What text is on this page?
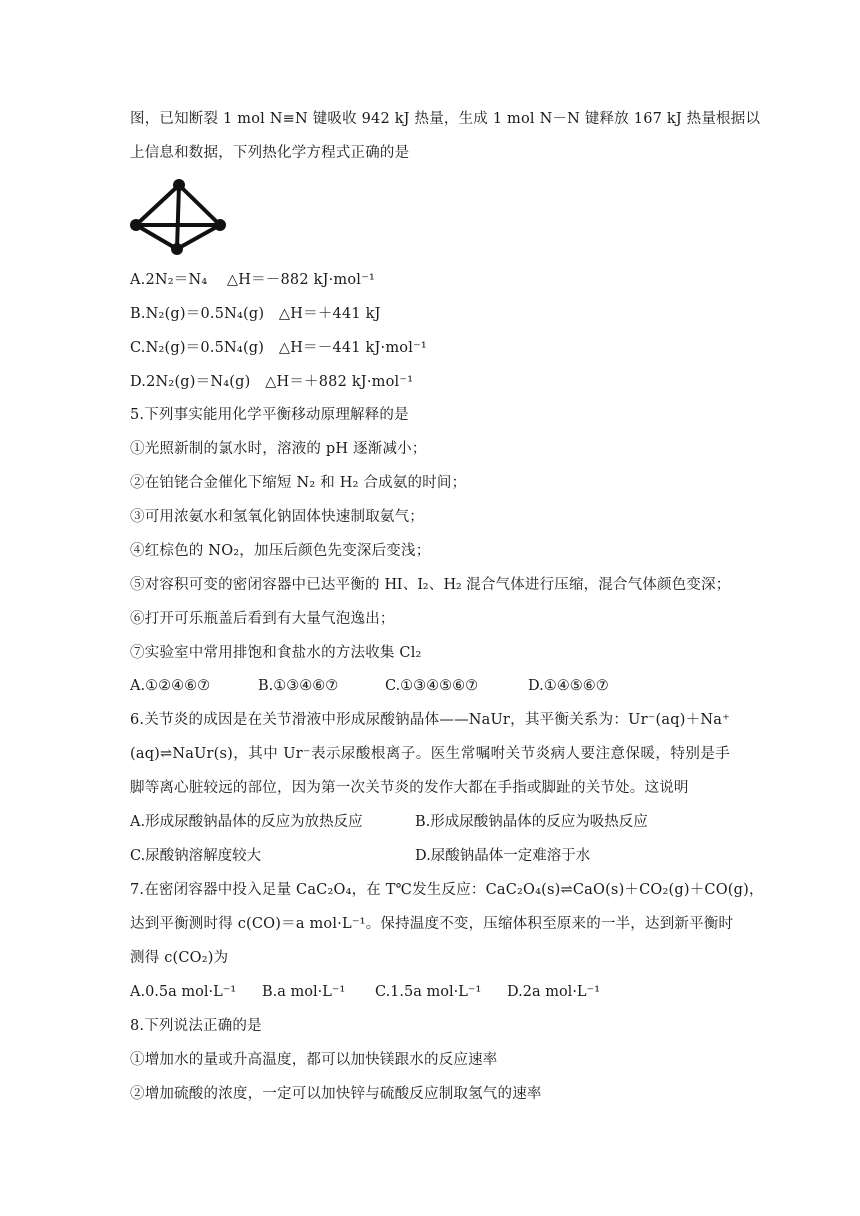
图，已知断裂 1 mol N≡N 键吸收 942 kJ 热量，生成 1 mol N－N 键释放 167 kJ 热量根据以
上信息和数据，下列热化学方程式正确的是
A.2N₂＝N₄　 △H＝－882 kJ·mol⁻¹
B.N₂(g)＝0.5N₄(g)　△H＝＋441 kJ
C.N₂(g)＝0.5N₄(g)　△H＝－441 kJ·mol⁻¹
D.2N₂(g)＝N₄(g)　△H＝＋882 kJ·mol⁻¹
5.下列事实能用化学平衡移动原理解释的是
①光照新制的氯水时，溶液的 pH 逐渐减小；
②在铂铑合金催化下缩短 N₂ 和 H₂ 合成氨的时间；
③可用浓氨水和氢氧化钠固体快速制取氨气；
④红棕色的 NO₂，加压后颜色先变深后变浅；
⑤对容积可变的密闭容器中已达平衡的 HI、I₂、H₂ 混合气体进行压缩，混合气体颜色变深；
⑥打开可乐瓶盖后看到有大量气泡逸出；
⑦实验室中常用排饱和食盐水的方法收集 Cl₂
A.①②④⑥⑦	B.①③④⑥⑦	C.①③④⑤⑥⑦	D.①④⑤⑥⑦
6.关节炎的成因是在关节滑液中形成尿酸钠晶体——NaUr，其平衡关系为：Ur⁻(aq)＋Na⁺
(aq)⇌NaUr(s)，其中 Ur⁻表示尿酸根离子。医生常嘱咐关节炎病人要注意保暖，特别是手
脚等离心脏较远的部位，因为第一次关节炎的发作大都在手指或脚趾的关节处。这说明
A.形成尿酸钠晶体的反应为放热反应	B.形成尿酸钠晶体的反应为吸热反应
C.尿酸钠溶解度较大	D.尿酸钠晶体一定难溶于水
7.在密闭容器中投入足量 CaC₂O₄，在 T℃发生反应：CaC₂O₄(s)⇌CaO(s)＋CO₂(g)＋CO(g)，
达到平衡测时得 c(CO)＝a mol·L⁻¹。保持温度不变，压缩体积至原来的一半，达到新平衡时
测得 c(CO₂)为
A.0.5a mol·L⁻¹ B.a mol·L⁻¹ C.1.5a mol·L⁻¹ D.2a mol·L⁻¹
8.下列说法正确的是
①增加水的量或升高温度，都可以加快镁跟水的反应速率
②增加硫酸的浓度，一定可以加快锌与硫酸反应制取氢气的速率
